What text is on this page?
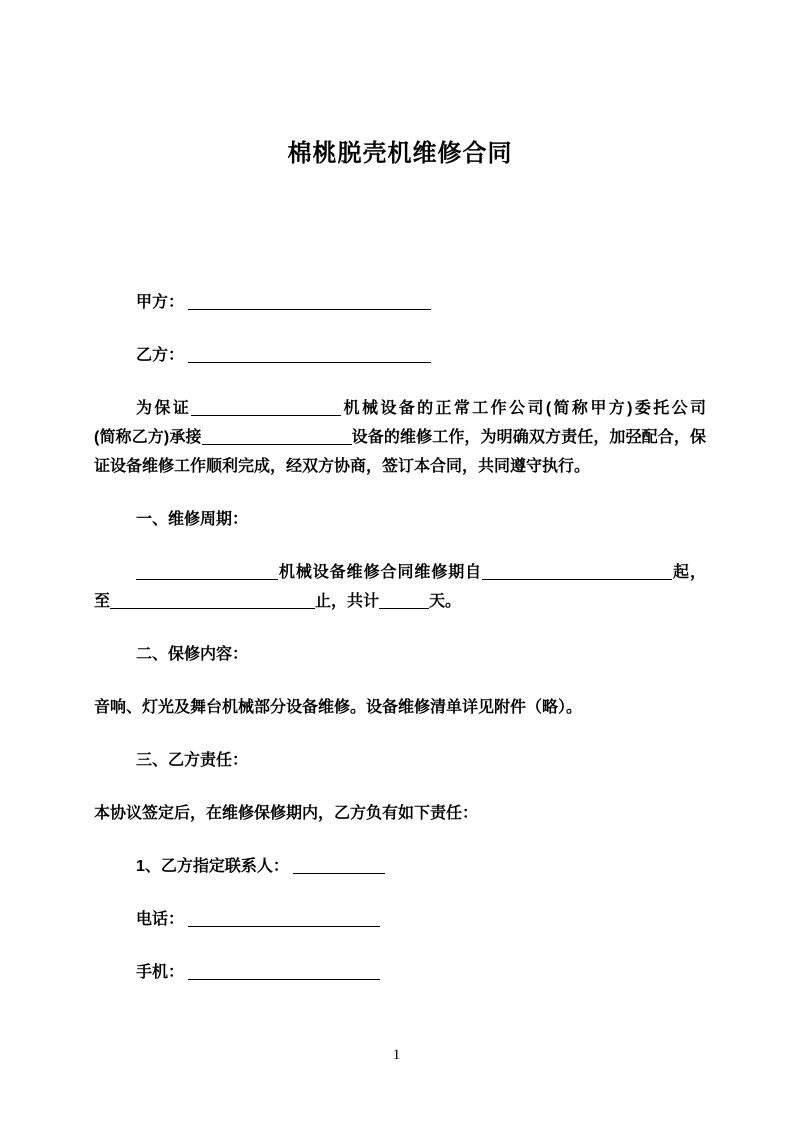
棉桃脱壳机维修合同

甲方：

乙方：

为保证	机械设备的正常工作公司(简称甲方)委托公司(简称乙方)承接	设备的维修工作，为明确双方责任，加弪配合，保证设备维修工作顺利完成，经双方协商，签订本合同，共同遵守执行。

一、维修周期：

机械设备维修合同维修期自	起，至	止，共计	天。

二、保修内容：

音响、灯光及舞台机械部分设备维修。设备维修清单详见附件（略）。

三、乙方责任：

本协议签定后，在维修保修期内，乙方负有如下责任：

1、乙方指定联系人：

电话：

手机：

1
